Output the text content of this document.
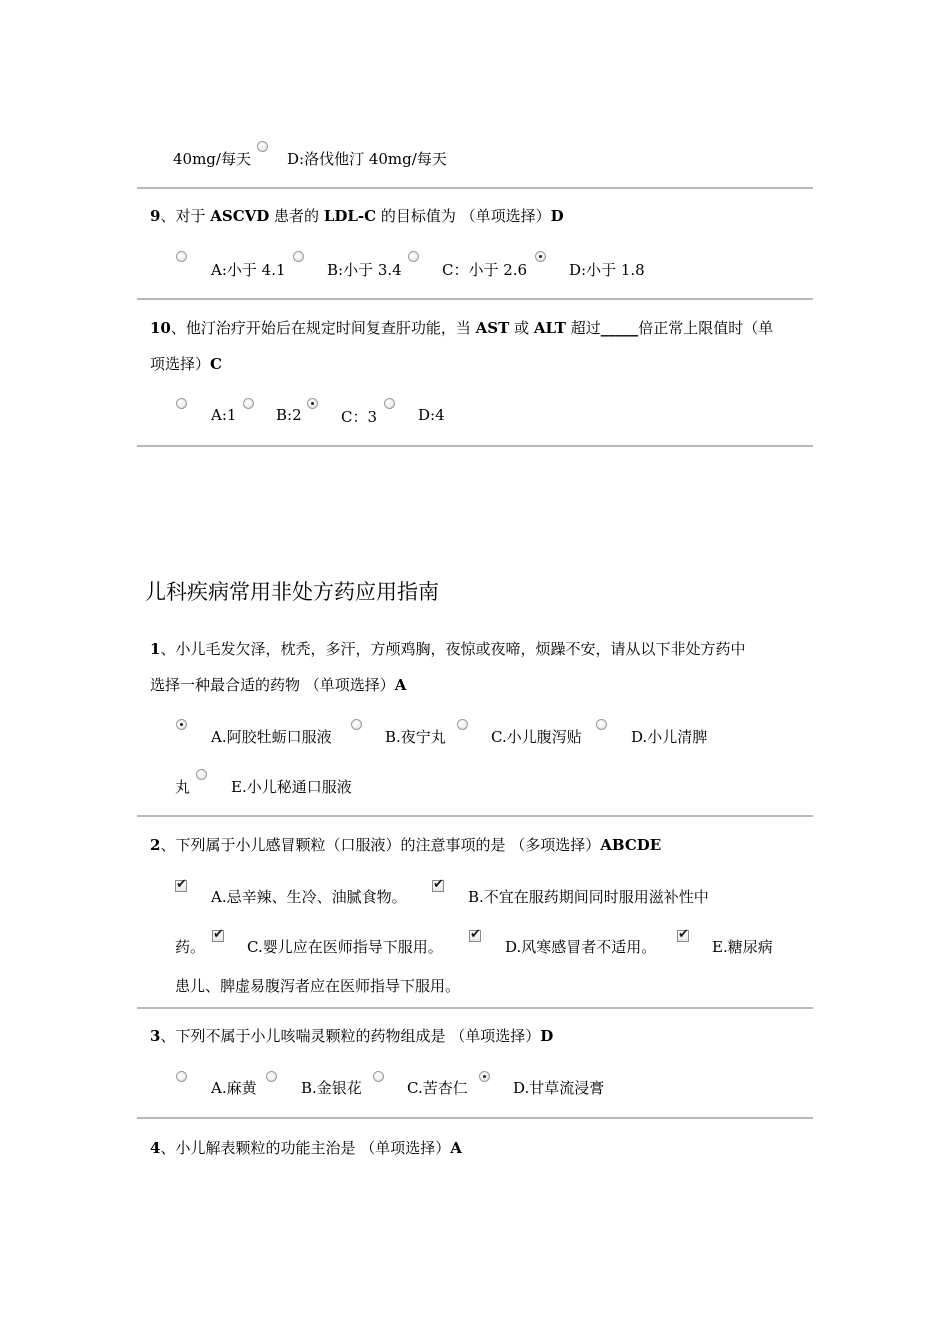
40mg/每天 D:洛伐他汀 40mg/每天
9、对于 ASCVD 患者的 LDL-C 的目标值为 （单项选择）D
A:小于 4.1	B:小于 3.4	C：小于 2.6	D:小于 1.8
10、他汀治疗开始后在规定时间复查肝功能，当 AST 或 ALT 超过_____倍正常上限值时（单
项选择）C
A:1	B:2	C：3	D:4
儿科疾病常用非处方药应用指南
1、小儿毛发欠泽，枕秃，多汗，方颅鸡胸，夜惊或夜啼，烦躁不安，请从以下非处方药中
选择一种最合适的药物 （单项选择）A
A.阿胶牡蛎口服液	B.夜宁丸	C.小儿腹泻贴	D.小儿清脾
丸	E.小儿秘通口服液
2、下列属于小儿感冒颗粒（口服液）的注意事项的是 （多项选择）ABCDE
✔
A.忌辛辣、生冷、油腻食物。
✔	B.不宜在服药期间同时服用滋补性中
药。
✔	C.婴儿应在医师指导下服用。
✔	D.风寒感冒者不适用。
✔	E.糖尿病
患儿、脾虚易腹泻者应在医师指导下服用。
3、下列不属于小儿咳喘灵颗粒的药物组成是 （单项选择）D
A.麻黄	B.金银花	C.苦杏仁	D.甘草流浸膏
4、小儿解表颗粒的功能主治是 （单项选择）A
